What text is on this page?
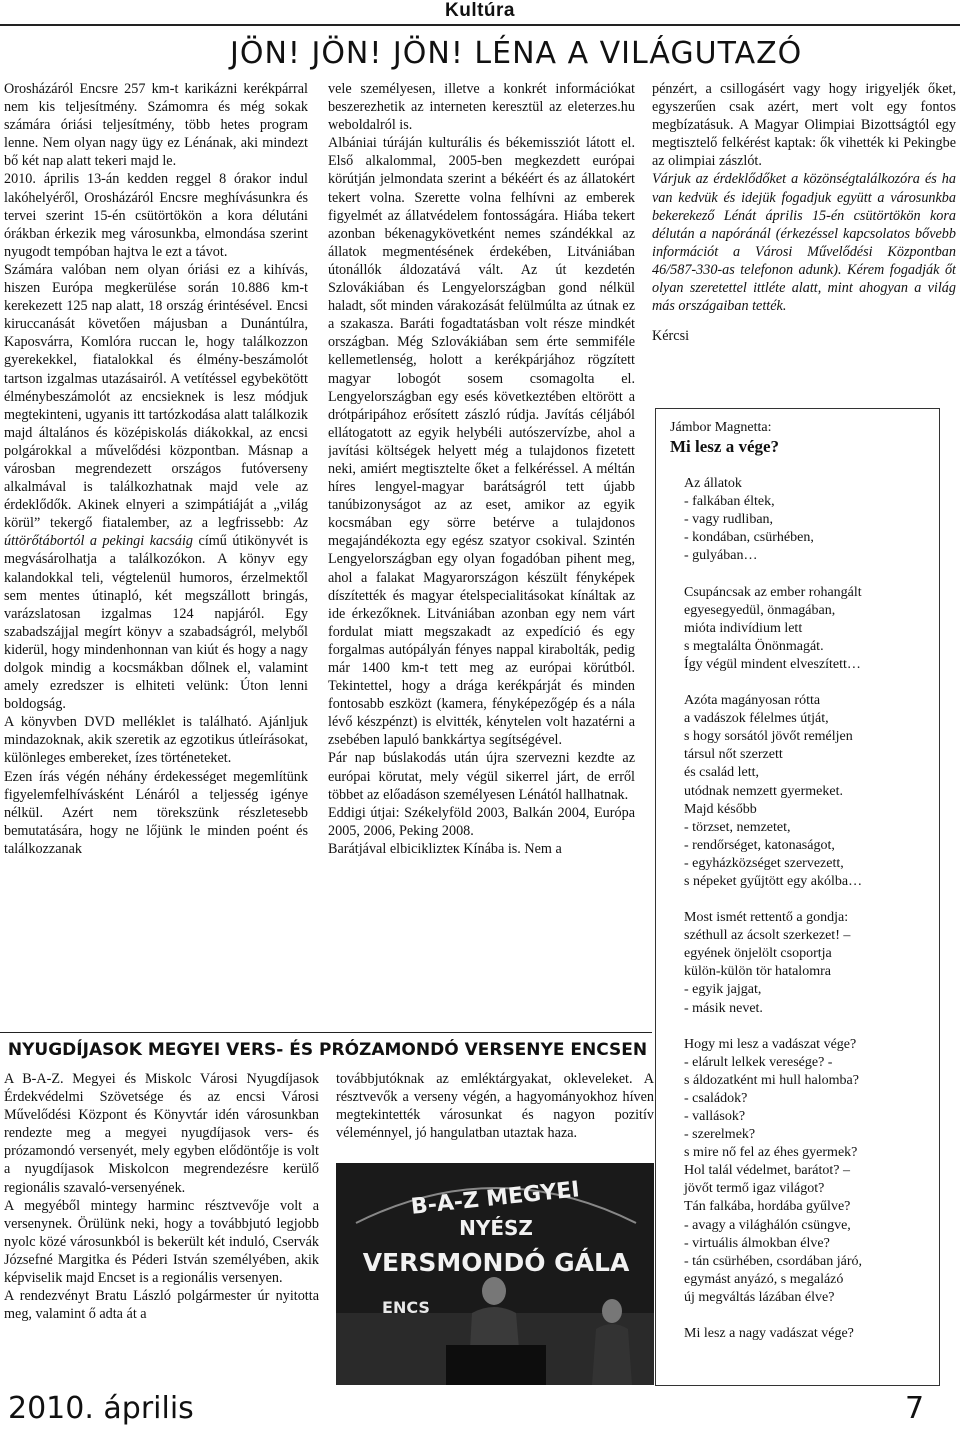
Kultúra
JÖN! JÖN! JÖN! LÉNA A VILÁGUTAZÓ

Orosházáról Encsre 257 km-t karikázni kerékpárral nem kis teljesítmény. Számomra és még sokak számára óriási teljesítmény, több hetes program lenne. Nem olyan nagy ügy ez Lénának, aki mindezt bő két nap alatt tekeri majd le.

2010. április 13-án kedden reggel 8 órakor indul lakóhelyéről, Orosházáról Encsre meghívásunkra és tervei szerint 15-én csütörtökön a kora délutáni órákban érkezik meg városunkba, elmondása szerint nyugodt tempóban hajtva le ezt a távot.

Számára valóban nem olyan óriási ez a kihívás, hiszen Európa megkerülése során 10.886 km-t kerekezett 125 nap alatt, 18 ország érintésével. Encsi kiruccanását követően májusban a Dunántúlra, Kaposvárra, Komlóra ruccan le, hogy találkozzon gyerekekkel, fiatalokkal és élmény-beszámolót tartson izgalmas utazásairól. A vetítéssel egybekötött élménybeszámolót az encsieknek is lesz módjuk megtekinteni, ugyanis itt tartózkodása alatt találkozik majd általános és középiskolás diákokkal, az encsi polgárokkal a művelődési központban. Másnap a városban megrendezett országos futóverseny alkalmával is találkozhatnak majd vele az érdeklődők. Akinek elnyeri a szimpátiáját a „világ körül” tekergő fiatalember, az a legfrissebb: Az úttörőtábortól a pekingi kacsáig című útikönyvét is megvásárolhatja a találkozókon. A könyv egy kalandokkal teli, végtelenül humoros, érzelmektől sem mentes útinapló, két megszállott bringás, varázslatosan izgalmas 124 napjáról. Egy szabadszájjal megírt könyv a szabadságról, melyből kiderül, hogy mindenhonnan van kiút és hogy a nagy dolgok mindig a kocsmákban dőlnek el, valamint amely ezredszer is elhiteti velünk: Úton lenni boldogság.

A könyvben DVD melléklet is található. Ajánljuk mindazoknak, akik szeretik az egzotikus útleírásokat, különleges embereket, ízes történeteket.

Ezen írás végén néhány érdekességet megemlítünk figyelemfelhívásként Lénáról a teljesség igénye nélkül. Azért nem törekszünk részletesebb bemutatására, hogy ne lőjünk le minden poént és találkozzanak

vele személyesen, illetve a konkrét információkat beszerezhetik az interneten keresztül az eleterzes.hu weboldalról is.

Albániai túráján kulturális és békemissziót látott el. Első alkalommal, 2005-ben megkezdett európai körútján jelmondata szerint a békéért és az állatokért tekert volna. Szerette volna felhívni az emberek figyelmét az állatvédelem fontosságára. Hiába tekert azonban békenagykövetként nemes szándékkal az állatok megmentésének érdekében, Litvániában útonállók áldozatává vált. Az út kezdetén Szlovákiában és Lengyelországban gond nélkül haladt, sőt minden várakozását felülmúlta az útnak ez a szakasza. Baráti fogadtatásban volt része mindkét országban. Még Szlovákiában sem érte semmiféle kellemetlenség, holott a kerékpárjához rögzített magyar lobogót sosem csomagolta el. Lengyelországban egy esés következtében eltörött a drótpáripához erősített zászló rúdja. Javítás céljából ellátogatott az egyik helybéli autószervízbe, ahol a javítási költségek helyett még a tulajdonos fizetett neki, amiért megtisztelte őket a felkéréssel. A méltán híres lengyel-magyar barátságról tett újabb tanúbizonyságot az az eset, amikor az egyik kocsmában egy sörre betérve a tulajdonos megajándékozta egy egész szatyor csokival. Szintén Lengyelországban egy olyan fogadóban pihent meg, ahol a falakat Magyarországon készült fényképek díszítették és magyar ételspecialitásokat kínáltak az ide érkezőknek. Litvániában azonban egy nem várt fordulat miatt megszakadt az expedíció és egy forgalmas autópályán fényes nappal kirabolták, pedig már 1400 km-t tett meg az európai körútból. Tekintettel, hogy a drága kerékpárját és minden fontosabb eszközt (kamera, fényképezőgép és a nála lévő készpénzt) is elvitték, kénytelen volt hazatérni a zsebében lapuló bankkártya segítségével.

Pár nap búslakodás után újra szervezni kezdte az európai körutat, mely végül sikerrel járt, de erről többet az előadáson személyesen Lénától hallhatnak.

Eddigi útjai: Székelyföld 2003, Balkán 2004, Európa 2005, 2006, Peking 2008.

Barátjával elbiciklizteк Kínába is. Nem a

pénzért, a csillogásért vagy hogy irigyeljék őket, egyszerűen csak azért, mert volt egy fontos megbízatásuk. A Magyar Olimpiai Bizottságtól egy megtisztelő felkérést kaptak: ők vihették ki Pekingbe az olimpiai zászlót.

Várjuk az érdeklődőket a közönségtalálkozóra és ha van kedvük és idejük fogadjuk együtt a városunkba bekerekező Lénát április 15-én csütörtökön kora délután a napóránál (érkezéssel kapcsolatos bővebb információt a Városi Művelődési Központban 46/587-330-as telefonon adunk). Kérem fogadják őt olyan szeretettel ittléte alatt, mint ahogyan a világ más országaiban tették.

Kércsi

Jámbor Magnetta:

Mi lesz a vége?

Az állatok
- falkában éltek,
- vagy rudliban,
- kondában, csürhében,
- gulyában…
Csupáncsak az ember rohangált
egyesegyedül, önmagában,
mióta indivídium lett
s megtalálta Önönmagát.
Így végül mindent elveszített…
Azóta magányosan rótta
a vadászok félelmes útját,
s hogy sorsától jövőt reméljen
társul nőt szerzett
és család lett,
utódnak nemzett gyermeket.
Majd később
- törzset, nemzetet,
- rendőrséget, katonaságot,
- egyházközséget szervezett,
s népeket gyűjtött egy akólba…
Most ismét rettentő a gondja:
széthull az ácsolt szerkezet! –
egyének önjelölt csoportja
külön-külön tör hatalomra
- egyik jajgat,
- másik nevet.
Hogy mi lesz a vadászat vége?
- elárult lelkek veresége? -
s áldozatként mi hull halomba?
- családok?
- vallások?
- szerelmek?
s mire nő fel az éhes gyermek?
Hol talál védelmet, barátot? –
jövőt termő igaz világot?
Tán falkába, hordába gyűlve?
- avagy a világhálón csüngve,
- virtuális álmokban élve?
- tán csürhében, csordában járó,
egymást anyázó, s megalázó
új megváltás lázában élve?
Mi lesz a nagy vadászat vége?
NYUGDÍJASOK MEGYEI VERS- ÉS PRÓZAMONDÓ VERSENYE ENCSEN

A B-A-Z. Megyei és Miskolc Városi Nyugdíjasok Érdekvédelmi Szövetsége és az encsi Városi Művelődési Központ és Könyvtár idén városunkban rendezte meg a megyei nyugdíjasok vers- és prózamondó versenyét, mely egyben elődöntője is volt a nyugdíjasok Miskolcon megrendezésre kerülő regionális szavaló-versenyének.

A megyéből mintegy harminc résztvevője volt a versenynek. Örülünk neki, hogy a továbbjutó legjobb nyolc közé városunkból is bekerült két induló, Cservák Józsefné Margitka és Péderi István személyében, akik képviselik majd Encset is a regionális versenyen.

A rendezvényt Bratu László polgármester úr nyitotta meg, valamint ő adta át a

továbbjutóknak az emléktárgyakat, okleveleket. A résztvevők a verseny végén, a hagyományokhoz híven megtekintették városunkat és nagyon pozitív véleménnyel, jó hangulatban utaztak haza.

B-A-Z MEGYEI
NYÉSZ
VERSMONDÓ GÁLA
ENCS
2010. április	7
